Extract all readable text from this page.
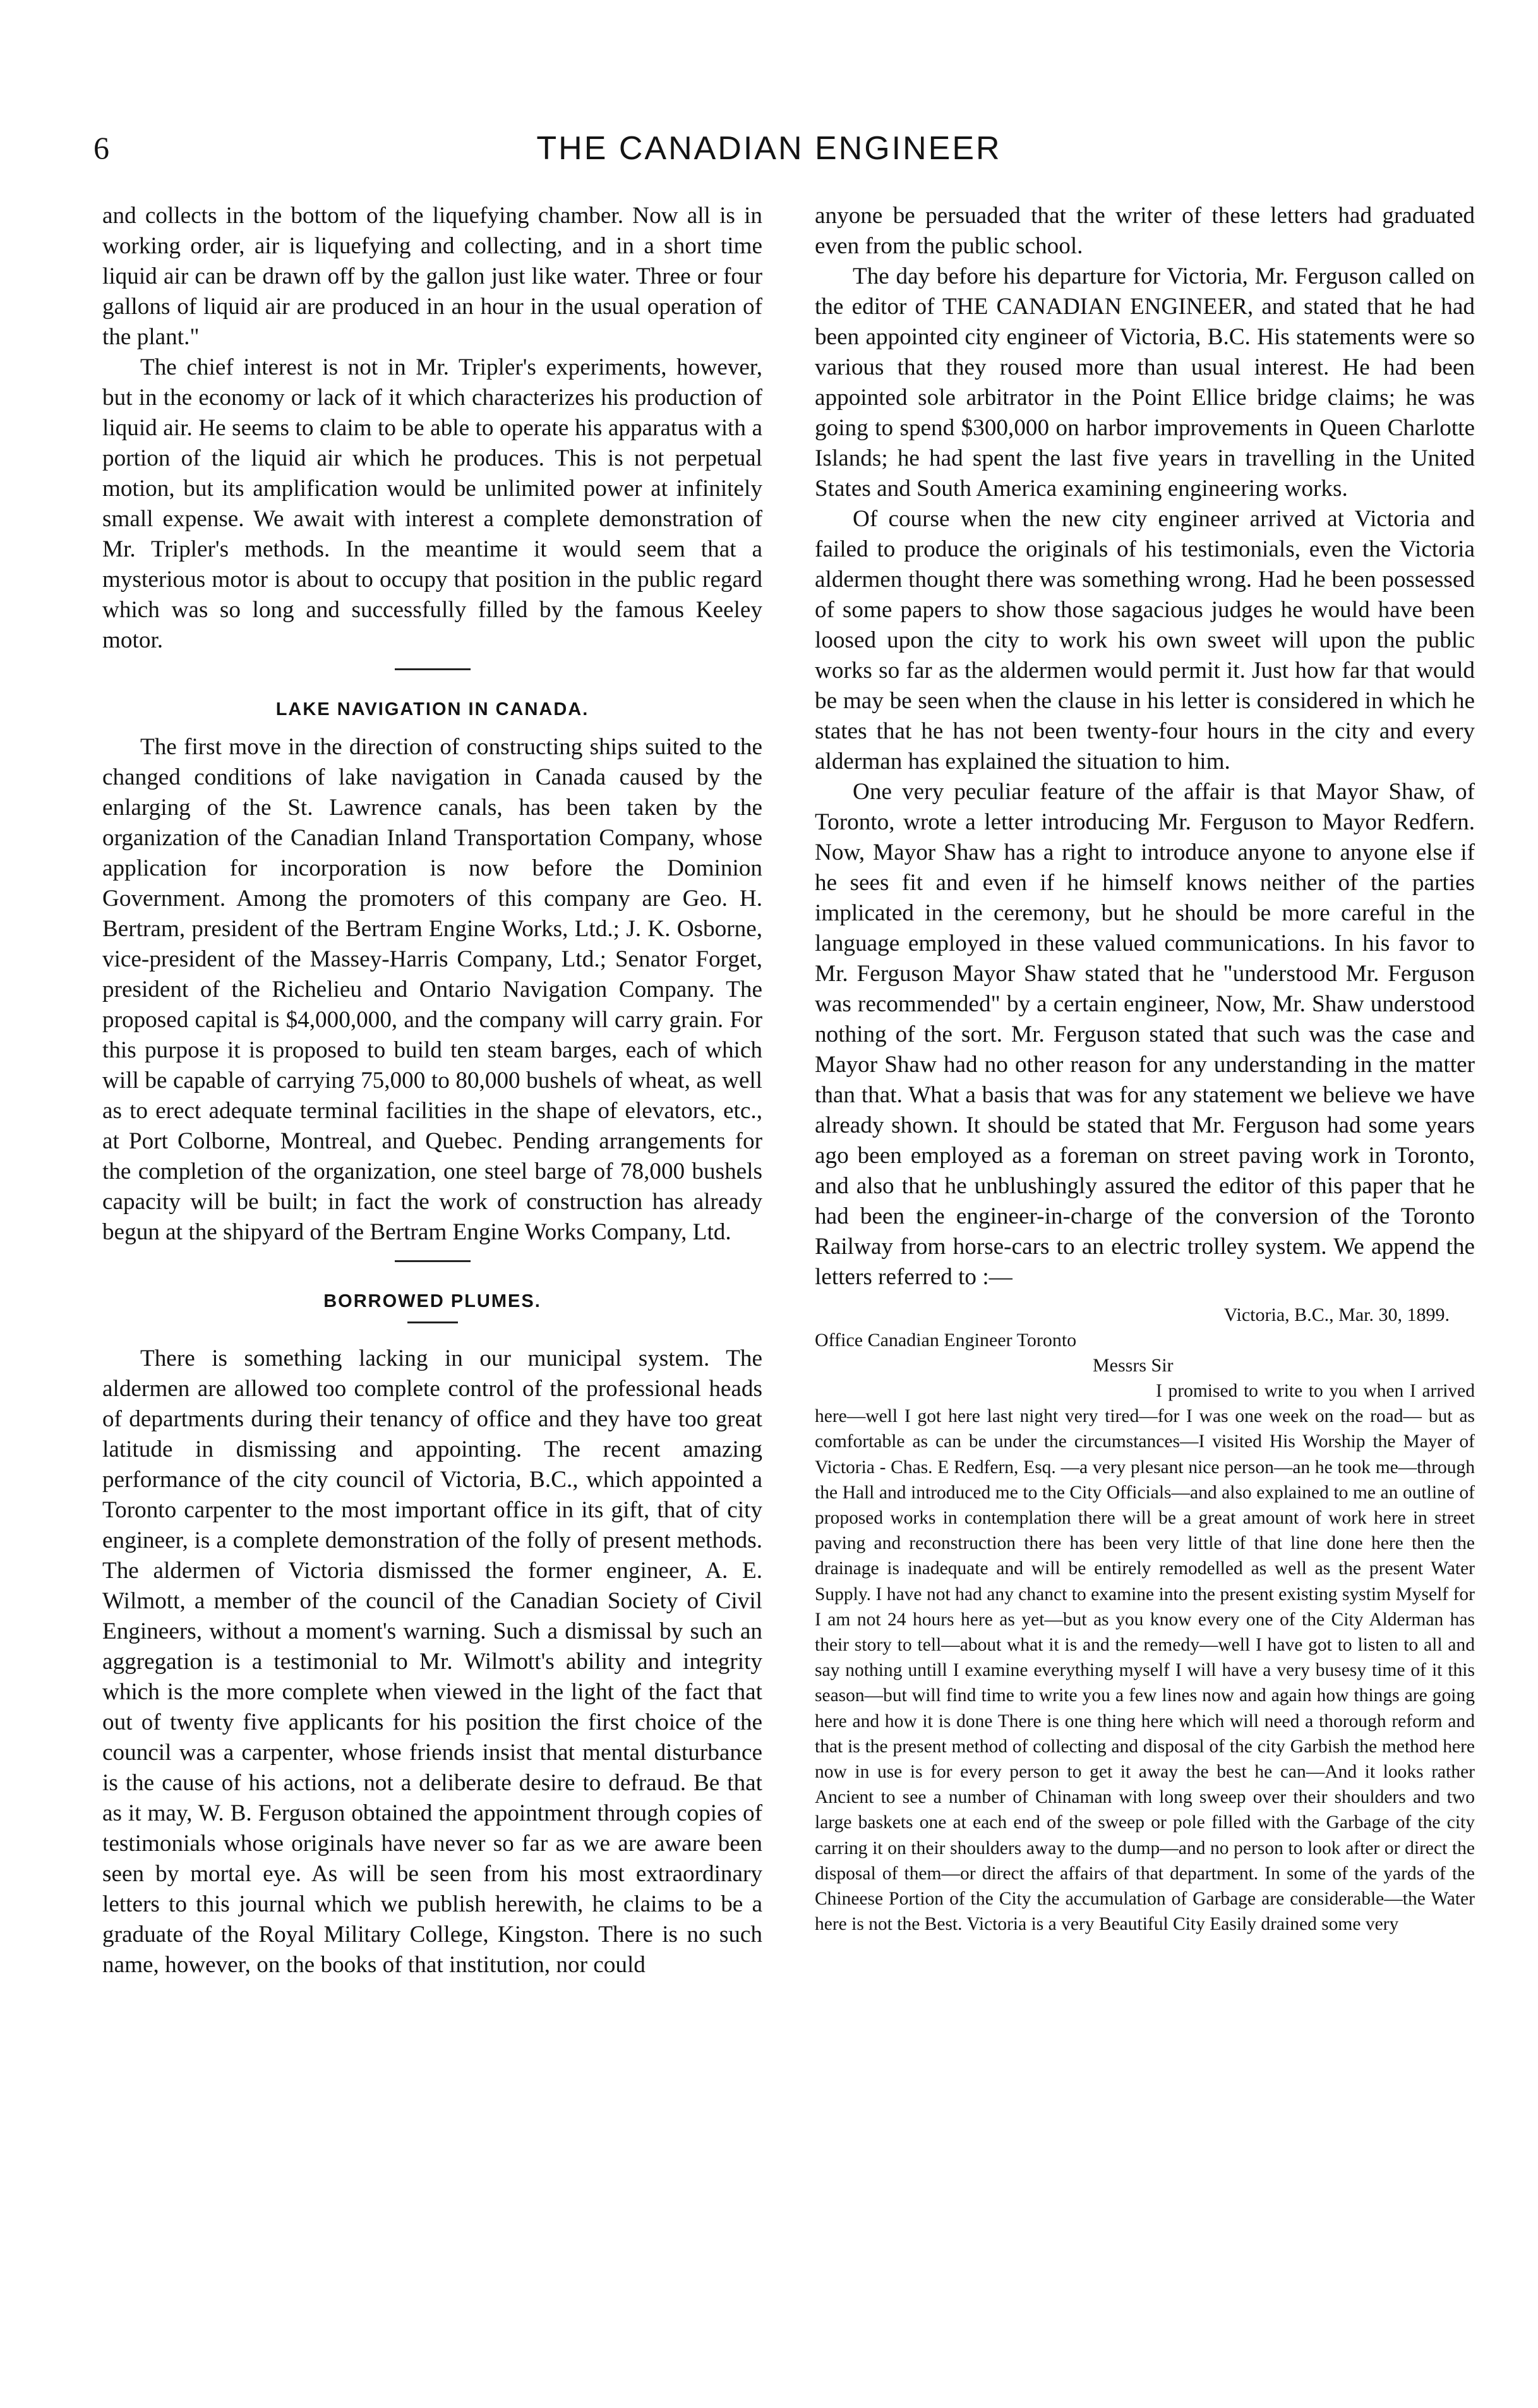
6	THE CANADIAN ENGINEER

and collects in the bottom of the liquefying chamber. Now all is in working order, air is liquefying and collecting, and in a short time liquid air can be drawn off by the gallon just like water. Three or four gallons of liquid air are produced in an hour in the usual operation of the plant."

The chief interest is not in Mr. Tripler's experiments, however, but in the economy or lack of it which characterizes his production of liquid air. He seems to claim to be able to operate his apparatus with a portion of the liquid air which he produces. This is not perpetual motion, but its amplification would be unlimited power at infinitely small expense. We await with interest a complete demonstration of Mr. Tripler's methods. In the meantime it would seem that a mysterious motor is about to occupy that position in the public regard which was so long and successfully filled by the famous Keeley motor.

LAKE NAVIGATION IN CANADA.

The first move in the direction of constructing ships suited to the changed conditions of lake navigation in Canada caused by the enlarging of the St. Lawrence canals, has been taken by the organization of the Canadian Inland Transportation Company, whose application for incorporation is now before the Dominion Government. Among the promoters of this company are Geo. H. Bertram, president of the Bertram Engine Works, Ltd.; J. K. Osborne, vice-president of the Massey-Harris Company, Ltd.; Senator Forget, president of the Richelieu and Ontario Navigation Company. The proposed capital is $4,000,000, and the company will carry grain. For this purpose it is proposed to build ten steam barges, each of which will be capable of carrying 75,000 to 80,000 bushels of wheat, as well as to erect adequate terminal facilities in the shape of elevators, etc., at Port Colborne, Montreal, and Quebec. Pending arrangements for the completion of the organization, one steel barge of 78,000 bushels capacity will be built; in fact the work of construction has already begun at the shipyard of the Bertram Engine Works Company, Ltd.

BORROWED PLUMES.

There is something lacking in our municipal system. The aldermen are allowed too complete control of the professional heads of departments during their tenancy of office and they have too great latitude in dismissing and appointing. The recent amazing performance of the city council of Victoria, B.C., which appointed a Toronto carpenter to the most important office in its gift, that of city engineer, is a complete demonstration of the folly of present methods. The aldermen of Victoria dismissed the former engineer, A. E. Wilmott, a member of the council of the Canadian Society of Civil Engineers, without a moment's warning. Such a dismissal by such an aggregation is a testimonial to Mr. Wilmott's ability and integrity which is the more complete when viewed in the light of the fact that out of twenty five applicants for his position the first choice of the council was a carpenter, whose friends insist that mental disturbance is the cause of his actions, not a deliberate desire to defraud. Be that as it may, W. B. Ferguson obtained the appointment through copies of testimonials whose originals have never so far as we are aware been seen by mortal eye. As will be seen from his most extraordinary letters to this journal which we publish herewith, he claims to be a graduate of the Royal Military College, Kingston. There is no such name, however, on the books of that institution, nor could

anyone be persuaded that the writer of these letters had graduated even from the public school.

The day before his departure for Victoria, Mr. Ferguson called on the editor of THE CANADIAN ENGINEER, and stated that he had been appointed city engineer of Victoria, B.C. His statements were so various that they roused more than usual interest. He had been appointed sole arbitrator in the Point Ellice bridge claims; he was going to spend $300,000 on harbor improvements in Queen Charlotte Islands; he had spent the last five years in travelling in the United States and South America examining engineering works.

Of course when the new city engineer arrived at Victoria and failed to produce the originals of his testimonials, even the Victoria aldermen thought there was something wrong. Had he been possessed of some papers to show those sagacious judges he would have been loosed upon the city to work his own sweet will upon the public works so far as the aldermen would permit it. Just how far that would be may be seen when the clause in his letter is considered in which he states that he has not been twenty-four hours in the city and every alderman has explained the situation to him.

One very peculiar feature of the affair is that Mayor Shaw, of Toronto, wrote a letter introducing Mr. Ferguson to Mayor Redfern. Now, Mayor Shaw has a right to introduce anyone to anyone else if he sees fit and even if he himself knows neither of the parties implicated in the ceremony, but he should be more careful in the language employed in these valued communications. In his favor to Mr. Ferguson Mayor Shaw stated that he "understood Mr. Ferguson was recommended" by a certain engineer, Now, Mr. Shaw understood nothing of the sort. Mr. Ferguson stated that such was the case and Mayor Shaw had no other reason for any understanding in the matter than that. What a basis that was for any statement we believe we have already shown. It should be stated that Mr. Ferguson had some years ago been employed as a foreman on street paving work in Toronto, and also that he unblushingly assured the editor of this paper that he had been the engineer-in-charge of the conversion of the Toronto Railway from horse-cars to an electric trolley system. We append the letters referred to :—

Victoria, B.C., Mar. 30, 1899.
Office Canadian Engineer Toronto
Messrs Sir

I promised to write to you when I arrived here—well I got here last night very tired—for I was one week on the road— but as comfortable as can be under the circumstances—I visited His Worship the Mayer of Victoria - Chas. E Redfern, Esq. —a very plesant nice person—an he took me—through the Hall and introduced me to the City Officials—and also explained to me an outline of proposed works in contemplation there will be a great amount of work here in street paving and reconstruction there has been very little of that line done here then the drainage is inadequate and will be entirely remodelled as well as the present Water Supply. I have not had any chanct to examine into the present existing systim Myself for I am not 24 hours here as yet—but as you know every one of the City Alderman has their story to tell—about what it is and the remedy—well I have got to listen to all and say nothing untill I examine everything myself I will have a very busesy time of it this season—but will find time to write you a few lines now and again how things are going here and how it is done There is one thing here which will need a thorough reform and that is the present method of collecting and disposal of the city Garbish the method here now in use is for every person to get it away the best he can—And it looks rather Ancient to see a number of Chinaman with long sweep over their shoulders and two large baskets one at each end of the sweep or pole filled with the Garbage of the city carring it on their shoulders away to the dump—and no person to look after or direct the disposal of them—or direct the affairs of that department. In some of the yards of the Chineese Portion of the City the accumulation of Garbage are considerable—the Water here is not the Best. Victoria is a very Beautiful City Easily drained some very
